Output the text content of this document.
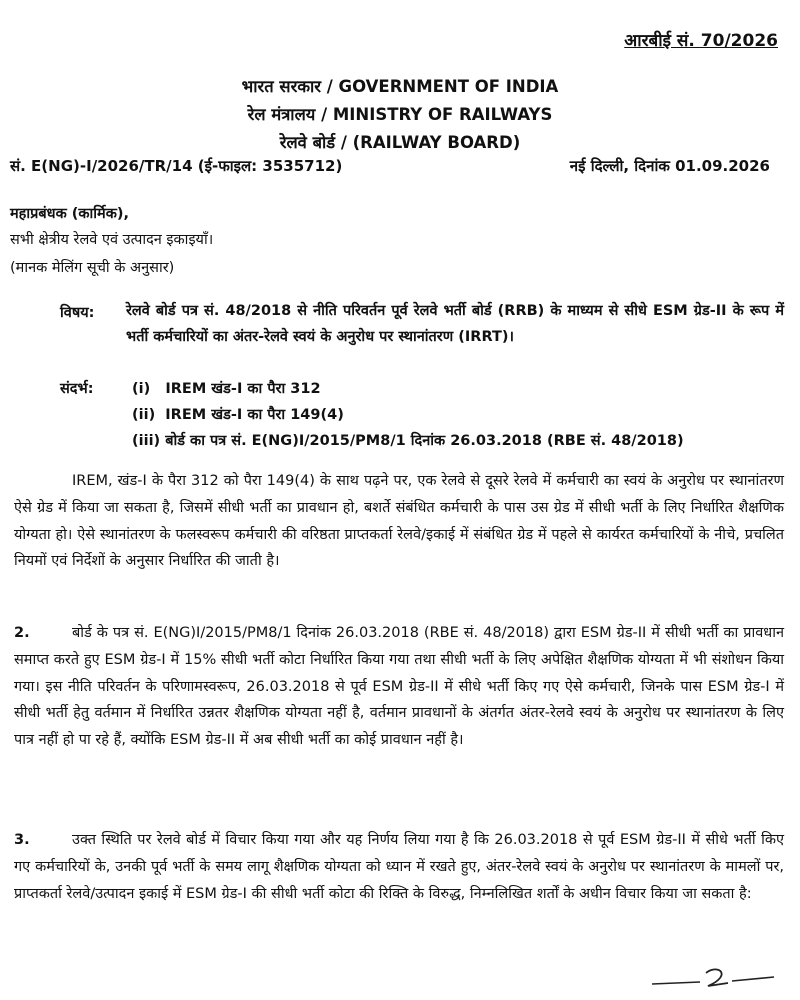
आरबीई सं. 70/2026
भारत सरकार / GOVERNMENT OF INDIA
रेल मंत्रालय / MINISTRY OF RAILWAYS
रेलवे बोर्ड / (RAILWAY BOARD)
सं. E(NG)-I/2026/TR/14 (ई-फाइल: 3535712)	नई दिल्ली, दिनांक 01.09.2026
महाप्रबंधक (कार्मिक),
सभी क्षेत्रीय रेलवे एवं उत्पादन इकाइयाँ।
(मानक मेलिंग सूची के अनुसार)
विषय: रेलवे बोर्ड पत्र सं. 48/2018 से नीति परिवर्तन पूर्व रेलवे भर्ती बोर्ड (RRB) के माध्यम से सीधे ESM ग्रेड-II के रूप में भर्ती कर्मचारियों का अंतर-रेलवे स्वयं के अनुरोध पर स्थानांतरण (IRRT)।
संदर्भ:	(i)   IREM खंड-I का पैरा 312
(ii)  IREM खंड-I का पैरा 149(4)
(iii) बोर्ड का पत्र सं. E(NG)I/2015/PM8/1 दिनांक 26.03.2018 (RBE सं. 48/2018)
IREM, खंड-I के पैरा 312 को पैरा 149(4) के साथ पढ़ने पर, एक रेलवे से दूसरे रेलवे में कर्मचारी का स्वयं के अनुरोध पर स्थानांतरण ऐसे ग्रेड में किया जा सकता है, जिसमें सीधी भर्ती का प्रावधान हो, बशर्ते संबंधित कर्मचारी के पास उस ग्रेड में सीधी भर्ती के लिए निर्धारित शैक्षणिक योग्यता हो। ऐसे स्थानांतरण के फलस्वरूप कर्मचारी की वरिष्ठता प्राप्तकर्ता रेलवे/इकाई में संबंधित ग्रेड में पहले से कार्यरत कर्मचारियों के नीचे, प्रचलित नियमों एवं निर्देशों के अनुसार निर्धारित की जाती है।
2.	बोर्ड के पत्र सं. E(NG)I/2015/PM8/1 दिनांक 26.03.2018 (RBE सं. 48/2018) द्वारा ESM ग्रेड-II में सीधी भर्ती का प्रावधान समाप्त करते हुए ESM ग्रेड-I में 15% सीधी भर्ती कोटा निर्धारित किया गया तथा सीधी भर्ती के लिए अपेक्षित शैक्षणिक योग्यता में भी संशोधन किया गया। इस नीति परिवर्तन के परिणामस्वरूप, 26.03.2018 से पूर्व ESM ग्रेड-II में सीधे भर्ती किए गए ऐसे कर्मचारी, जिनके पास ESM ग्रेड-I में सीधी भर्ती हेतु वर्तमान में निर्धारित उन्नतर शैक्षणिक योग्यता नहीं है, वर्तमान प्रावधानों के अंतर्गत अंतर-रेलवे स्वयं के अनुरोध पर स्थानांतरण के लिए पात्र नहीं हो पा रहे हैं, क्योंकि ESM ग्रेड-II में अब सीधी भर्ती का कोई प्रावधान नहीं है।
3.	उक्त स्थिति पर रेलवे बोर्ड में विचार किया गया और यह निर्णय लिया गया है कि 26.03.2018 से पूर्व ESM ग्रेड-II में सीधे भर्ती किए गए कर्मचारियों के, उनकी पूर्व भर्ती के समय लागू शैक्षणिक योग्यता को ध्यान में रखते हुए, अंतर-रेलवे स्वयं के अनुरोध पर स्थानांतरण के मामलों पर, प्राप्तकर्ता रेलवे/उत्पादन इकाई में ESM ग्रेड-I की सीधी भर्ती कोटा की रिक्ति के विरुद्ध, निम्नलिखित शर्तों के अधीन विचार किया जा सकता है:
